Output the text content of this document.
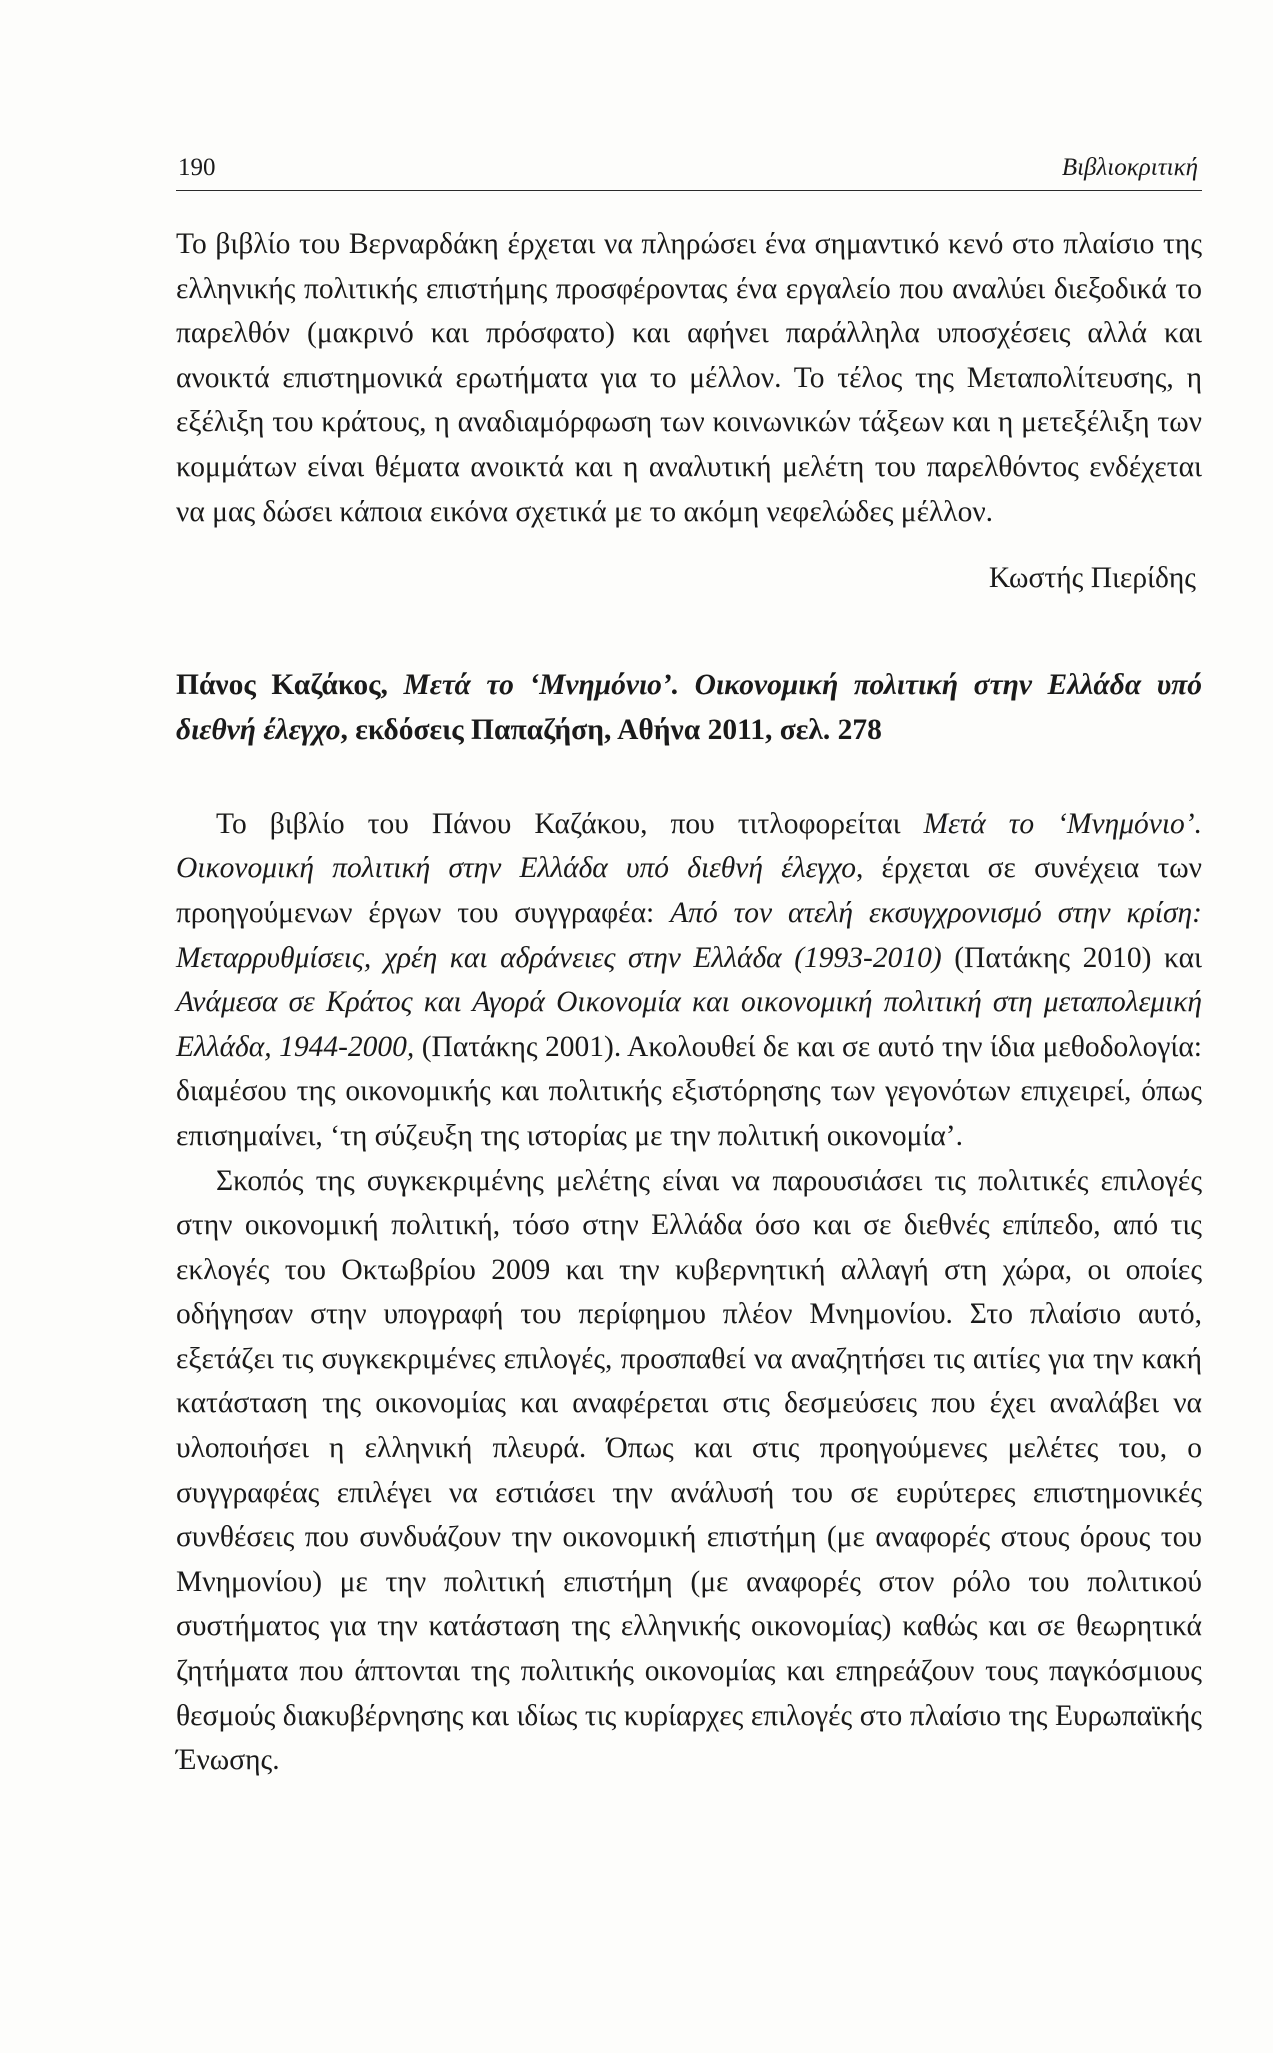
190	Βιβλιοκριτική

Το βιβλίο του Βερναρδάκη έρχεται να πληρώσει ένα σημαντικό κενό στο πλαίσιο της ελληνικής πολιτικής επιστήμης προσφέροντας ένα εργαλείο που αναλύει διεξοδικά το παρελθόν (μακρινό και πρόσφατο) και αφήνει παράλληλα υποσχέσεις αλλά και ανοικτά επιστημονικά ερωτήματα για το μέλλον. Το τέλος της Μεταπολίτευσης, η εξέλιξη του κράτους, η αναδιαμόρφωση των κοινωνικών τάξεων και η μετεξέλιξη των κομμάτων είναι θέματα ανοικτά και η αναλυτική μελέτη του παρελθόντος ενδέχεται να μας δώσει κάποια εικόνα σχετικά με το ακόμη νεφελώδες μέλλον.

Κωστής Πιερίδης

Πάνος Καζάκος, Μετά το ‘Μνημόνιο’. Οικονομική πολιτική στην Ελλάδα υπό διεθνή έλεγχο, εκδόσεις Παπαζήση, Αθήνα 2011, σελ. 278

Το βιβλίο του Πάνου Καζάκου, που τιτλοφορείται Μετά το ‘Μνημόνιο’. Οικονομική πολιτική στην Ελλάδα υπό διεθνή έλεγχο, έρχεται σε συνέχεια των προηγούμενων έργων του συγγραφέα: Από τον ατελή εκσυγχρονισμό στην κρίση: Μεταρρυθμίσεις, χρέη και αδράνειες στην Ελλάδα (1993-2010) (Πατάκης 2010) και Ανάμεσα σε Κράτος και Αγορά Οικονομία και οικονομική πολιτική στη μεταπολεμική Ελλάδα, 1944-2000, (Πατάκης 2001). Ακολουθεί δε και σε αυτό την ίδια μεθοδολογία: διαμέσου της οικονομικής και πολιτικής εξιστόρησης των γεγονότων επιχειρεί, όπως επισημαίνει, ‘τη σύζευξη της ιστορίας με την πολιτική οικονομία’.

Σκοπός της συγκεκριμένης μελέτης είναι να παρουσιάσει τις πολιτικές επιλογές στην οικονομική πολιτική, τόσο στην Ελλάδα όσο και σε διεθνές επίπεδο, από τις εκλογές του Οκτωβρίου 2009 και την κυβερνητική αλλαγή στη χώρα, οι οποίες οδήγησαν στην υπογραφή του περίφημου πλέον Μνημονίου. Στο πλαίσιο αυτό, εξετάζει τις συγκεκριμένες επιλογές, προσπαθεί να αναζητήσει τις αιτίες για την κακή κατάσταση της οικονομίας και αναφέρεται στις δεσμεύσεις που έχει αναλάβει να υλοποιήσει η ελληνική πλευρά. Όπως και στις προηγούμενες μελέτες του, ο συγγραφέας επιλέγει να εστιάσει την ανάλυσή του σε ευρύτερες επιστημονικές συνθέσεις που συνδυάζουν την οικονομική επιστήμη (με αναφορές στους όρους του Μνημονίου) με την πολιτική επιστήμη (με αναφορές στον ρόλο του πολιτικού συστήματος για την κατάσταση της ελληνικής οικονομίας) καθώς και σε θεωρητικά ζητήματα που άπτονται της πολιτικής οικονομίας και επηρεάζουν τους παγκόσμιους θεσμούς διακυβέρνησης και ιδίως τις κυρίαρχες επιλογές στο πλαίσιο της Ευρωπαϊκής Ένωσης.
